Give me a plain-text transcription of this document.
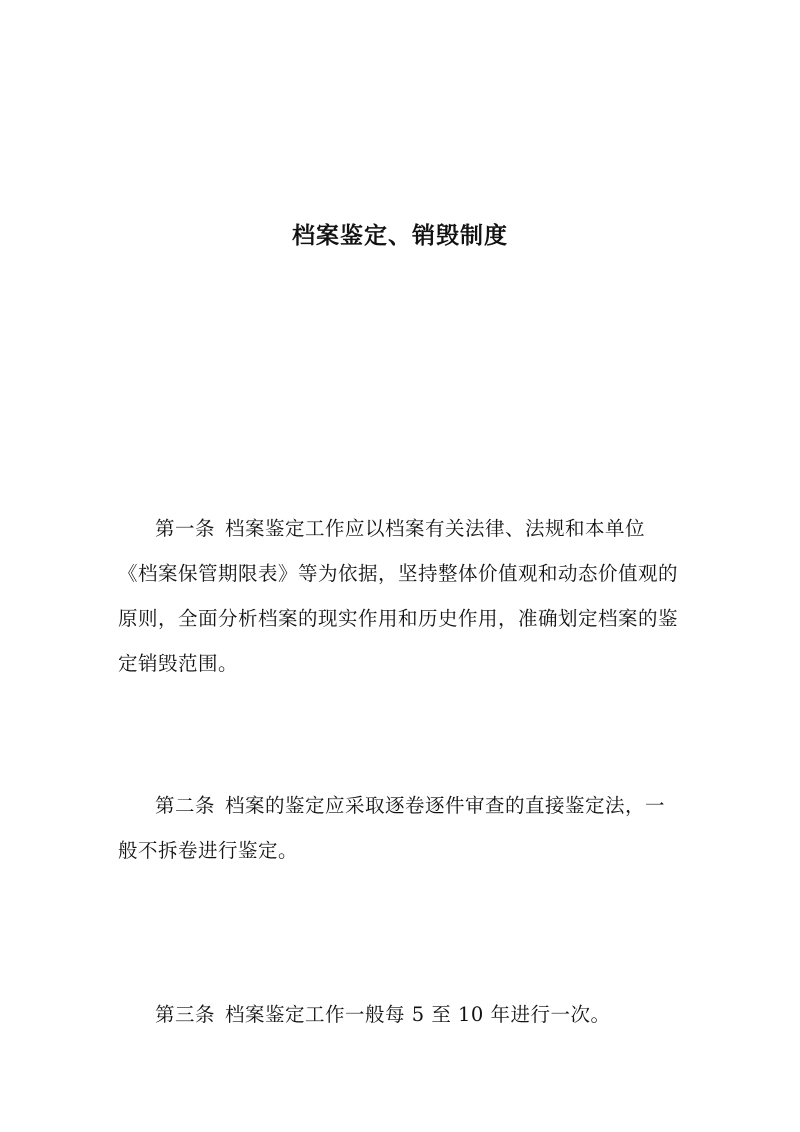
档案鉴定、销毁制度

第一条 档案鉴定工作应以档案有关法律、法规和本单位《档案保管期限表》等为依据，坚持整体价值观和动态价值观的原则，全面分析档案的现实作用和历史作用，准确划定档案的鉴定销毁范围。

第二条 档案的鉴定应采取逐卷逐件审查的直接鉴定法，一般不拆卷进行鉴定。

第三条 档案鉴定工作一般每 5 至 10 年进行一次。
